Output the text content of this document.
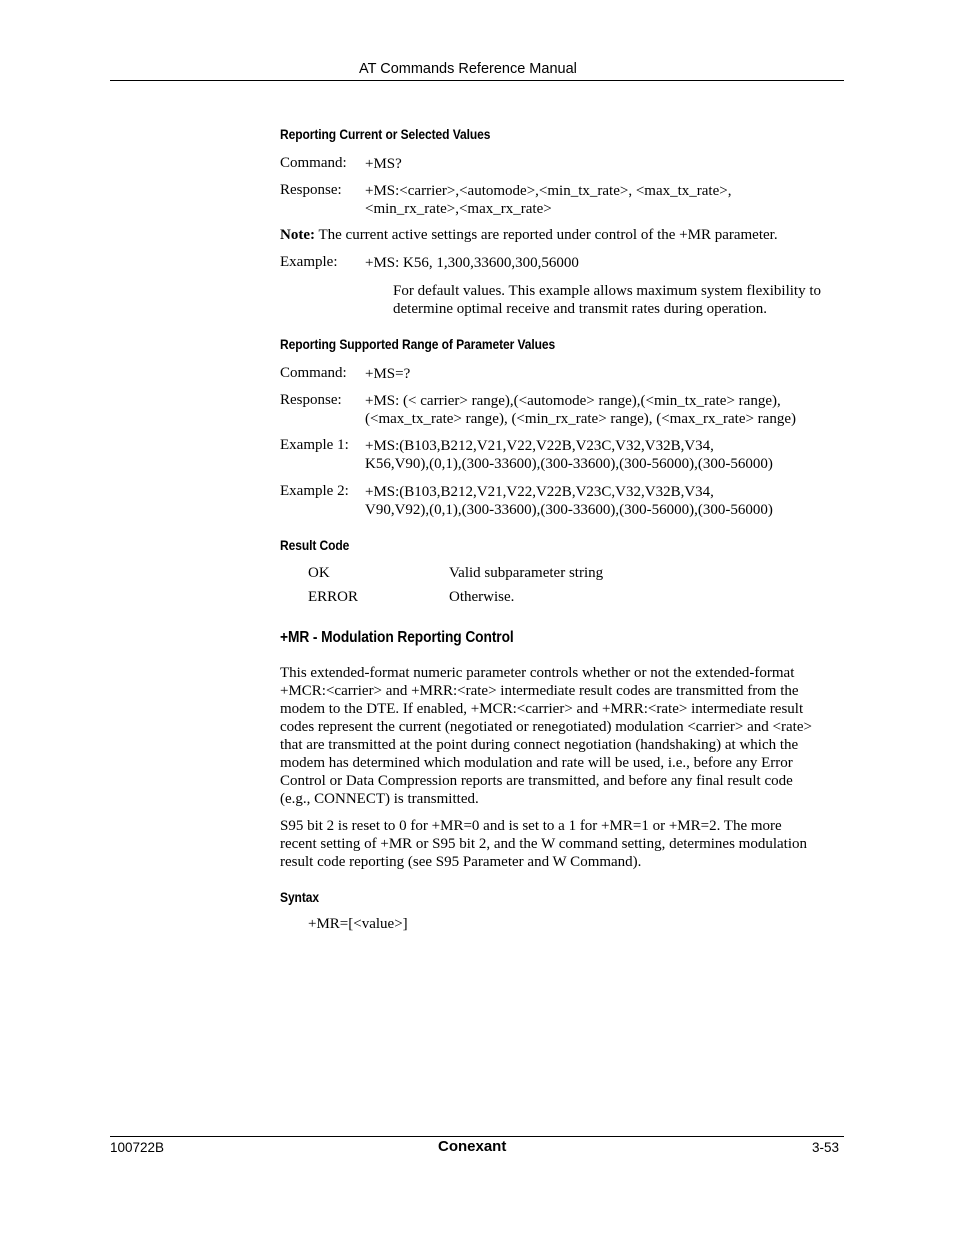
AT Commands Reference Manual
Reporting Current or Selected Values
Command: +MS?
Response: +MS:<carrier>,<automode>,<min_tx_rate>, <max_tx_rate>,
<min_rx_rate>,<max_rx_rate>
Note: The current active settings are reported under control of the +MR parameter.
Example: +MS: K56, 1,300,33600,300,56000
For default values. This example allows maximum system flexibility to
determine optimal receive and transmit rates during operation.
Reporting Supported Range of Parameter Values
Command: +MS=?
Response: +MS: (< carrier> range),(<automode> range),(<min_tx_rate> range),
(<max_tx_rate> range), (<min_rx_rate> range), (<max_rx_rate> range)
Example 1: +MS:(B103,B212,V21,V22,V22B,V23C,V32,V32B,V34,
K56,V90),(0,1),(300-33600),(300-33600),(300-56000),(300-56000)
Example 2: +MS:(B103,B212,V21,V22,V22B,V23C,V32,V32B,V34,
V90,V92),(0,1),(300-33600),(300-33600),(300-56000),(300-56000)
Result Code
OK	Valid subparameter string
ERROR	Otherwise.
+MR - Modulation Reporting Control
This extended-format numeric parameter controls whether or not the extended-format
+MCR:<carrier> and +MRR:<rate> intermediate result codes are transmitted from the
modem to the DTE. If enabled, +MCR:<carrier> and +MRR:<rate> intermediate result
codes represent the current (negotiated or renegotiated) modulation <carrier> and <rate>
that are transmitted at the point during connect negotiation (handshaking) at which the
modem has determined which modulation and rate will be used, i.e., before any Error
Control or Data Compression reports are transmitted, and before any final result code
(e.g., CONNECT) is transmitted.
S95 bit 2 is reset to 0 for +MR=0 and is set to a 1 for +MR=1 or +MR=2. The more
recent setting of +MR or S95 bit 2, and the W command setting, determines modulation
result code reporting (see S95 Parameter and W Command).
Syntax
+MR=[<value>]
100722B	Conexant	3-53
